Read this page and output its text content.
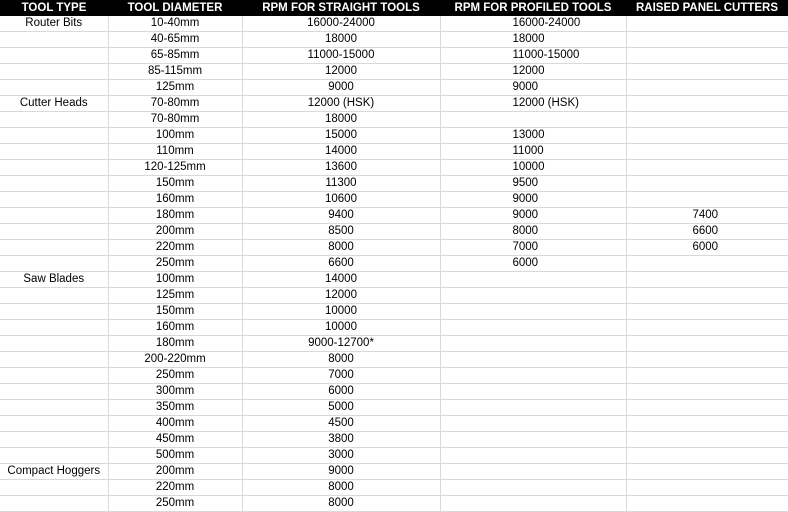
TOOL TYPE	TOOL DIAMETER	RPM FOR STRAIGHT TOOLS	RPM FOR PROFILED TOOLS	RAISED PANEL CUTTERS
Router Bits	10-40mm	16000-24000	16000-24000	
	40-65mm	18000	18000	
	65-85mm	11000-15000	11000-15000	
	85-115mm	12000	12000	
	125mm	9000	9000	
Cutter Heads	70-80mm	12000 (HSK)	12000 (HSK)	
	70-80mm	18000		
	100mm	15000	13000	
	110mm	14000	11000	
	120-125mm	13600	10000	
	150mm	11300	9500	
	160mm	10600	9000	
	180mm	9400	9000	7400
	200mm	8500	8000	6600
	220mm	8000	7000	6000
	250mm	6600	6000	
Saw Blades	100mm	14000		
	125mm	12000		
	150mm	10000		
	160mm	10000		
	180mm	9000-12700*		
	200-220mm	8000		
	250mm	7000		
	300mm	6000		
	350mm	5000		
	400mm	4500		
	450mm	3800		
	500mm	3000		
Compact Hoggers	200mm	9000		
	220mm	8000		
	250mm	8000		
